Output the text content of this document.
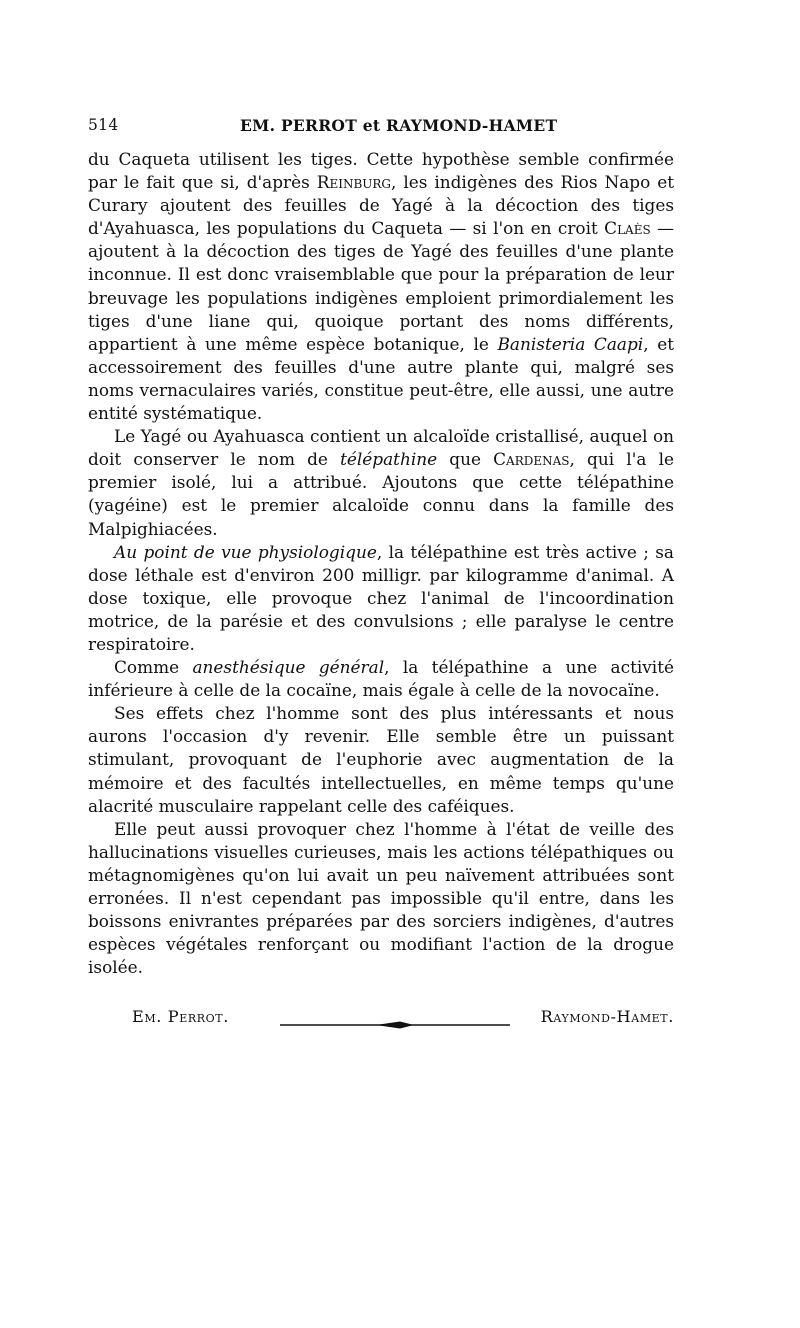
514	EM. PERROT et RAYMOND-HAMET

du Caqueta utilisent les tiges. Cette hypothèse semble confirmée par le fait que si, d'après Reinburg, les indigènes des Rios Napo et Curary ajoutent des feuilles de Yagé à la décoction des tiges d'Ayahuasca, les populations du Caqueta — si l'on en croit Claès — ajoutent à la décoction des tiges de Yagé des feuilles d'une plante inconnue. Il est donc vraisemblable que pour la préparation de leur breuvage les populations indigènes emploient primordialement les tiges d'une liane qui, quoique portant des noms différents, appartient à une même espèce botanique, le Banisteria Caapi, et accessoirement des feuilles d'une autre plante qui, malgré ses noms vernaculaires variés, constitue peut-être, elle aussi, une autre entité systématique.

Le Yagé ou Ayahuasca contient un alcaloïde cristallisé, auquel on doit conserver le nom de télépathine que Cardenas, qui l'a le premier isolé, lui a attribué. Ajoutons que cette télépathine (yagéine) est le premier alcaloïde connu dans la famille des Malpighiacées.

Au point de vue physiologique, la télépathine est très active ; sa dose léthale est d'environ 200 milligr. par kilogramme d'animal. A dose toxique, elle provoque chez l'animal de l'incoordination motrice, de la parésie et des convulsions ; elle paralyse le centre respiratoire.

Comme anesthésique général, la télépathine a une activité inférieure à celle de la cocaïne, mais égale à celle de la novocaïne.

Ses effets chez l'homme sont des plus intéressants et nous aurons l'occasion d'y revenir. Elle semble être un puissant stimulant, provoquant de l'euphorie avec augmentation de la mémoire et des facultés intellectuelles, en même temps qu'une alacrité musculaire rappelant celle des caféiques.

Elle peut aussi provoquer chez l'homme à l'état de veille des hallucinations visuelles curieuses, mais les actions télépathiques ou métagnomigènes qu'on lui avait un peu naïvement attribuées sont erronées. Il n'est cependant pas impossible qu'il entre, dans les boissons enivrantes préparées par des sorciers indigènes, d'autres espèces végétales renforçant ou modifiant l'action de la drogue isolée.

Em. Perrot.	Raymond-Hamet.
